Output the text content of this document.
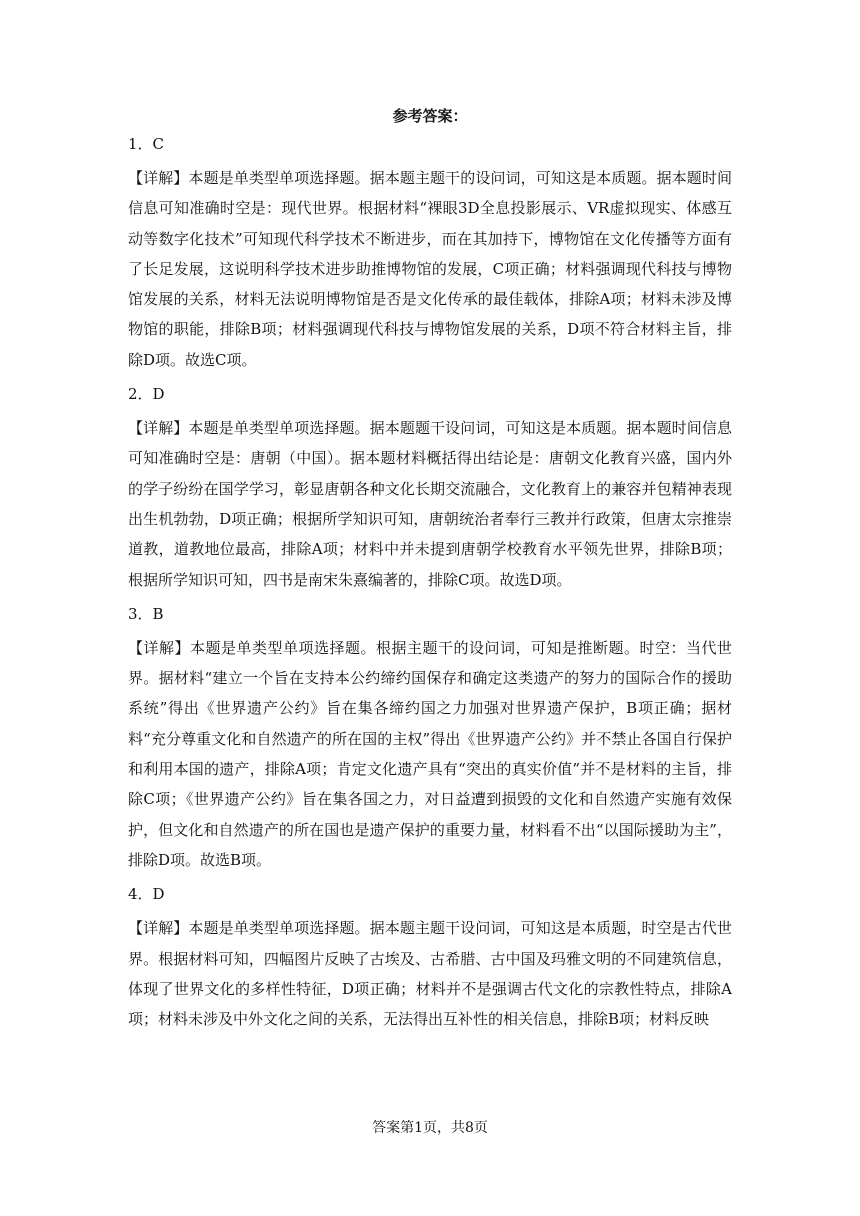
参考答案：
1．C
【详解】本题是单类型单项选择题。据本题主题干的设问词，可知这是本质题。据本题时间信息可知准确时空是：现代世界。根据材料“裸眼3D全息投影展示、VR虚拟现实、体感互动等数字化技术”可知现代科学技术不断进步，而在其加持下，博物馆在文化传播等方面有了长足发展，这说明科学技术进步助推博物馆的发展，C项正确；材料强调现代科技与博物馆发展的关系，材料无法说明博物馆是否是文化传承的最佳载体，排除A项；材料未涉及博物馆的职能，排除B项；材料强调现代科技与博物馆发展的关系，D项不符合材料主旨，排除D项。故选C项。
2．D
【详解】本题是单类型单项选择题。据本题题干设问词，可知这是本质题。据本题时间信息可知准确时空是：唐朝（中国）。据本题材料概括得出结论是：唐朝文化教育兴盛，国内外的学子纷纷在国学学习，彰显唐朝各种文化长期交流融合，文化教育上的兼容并包精神表现出生机勃勃，D项正确；根据所学知识可知，唐朝统治者奉行三教并行政策，但唐太宗推崇道教，道教地位最高，排除A项；材料中并未提到唐朝学校教育水平领先世界，排除B项；根据所学知识可知，四书是南宋朱熹编著的，排除C项。故选D项。
3．B
【详解】本题是单类型单项选择题。根据主题干的设问词，可知是推断题。时空：当代世界。据材料“建立一个旨在支持本公约缔约国保存和确定这类遗产的努力的国际合作的援助系统”得出《世界遗产公约》旨在集各缔约国之力加强对世界遗产保护，B项正确；据材料“充分尊重文化和自然遗产的所在国的主权”得出《世界遗产公约》并不禁止各国自行保护和利用本国的遗产，排除A项；肯定文化遗产具有“突出的真实价值”并不是材料的主旨，排除C项；《世界遗产公约》旨在集各国之力，对日益遭到损毁的文化和自然遗产实施有效保护，但文化和自然遗产的所在国也是遗产保护的重要力量，材料看不出“以国际援助为主”，排除D项。故选B项。
4．D
【详解】本题是单类型单项选择题。据本题主题干设问词，可知这是本质题，时空是古代世界。根据材料可知，四幅图片反映了古埃及、古希腊、古中国及玛雅文明的不同建筑信息，体现了世界文化的多样性特征，D项正确；材料并不是强调古代文化的宗教性特点，排除A项；材料未涉及中外文化之间的关系，无法得出互补性的相关信息，排除B项；材料反映
答案第1页，共8页
